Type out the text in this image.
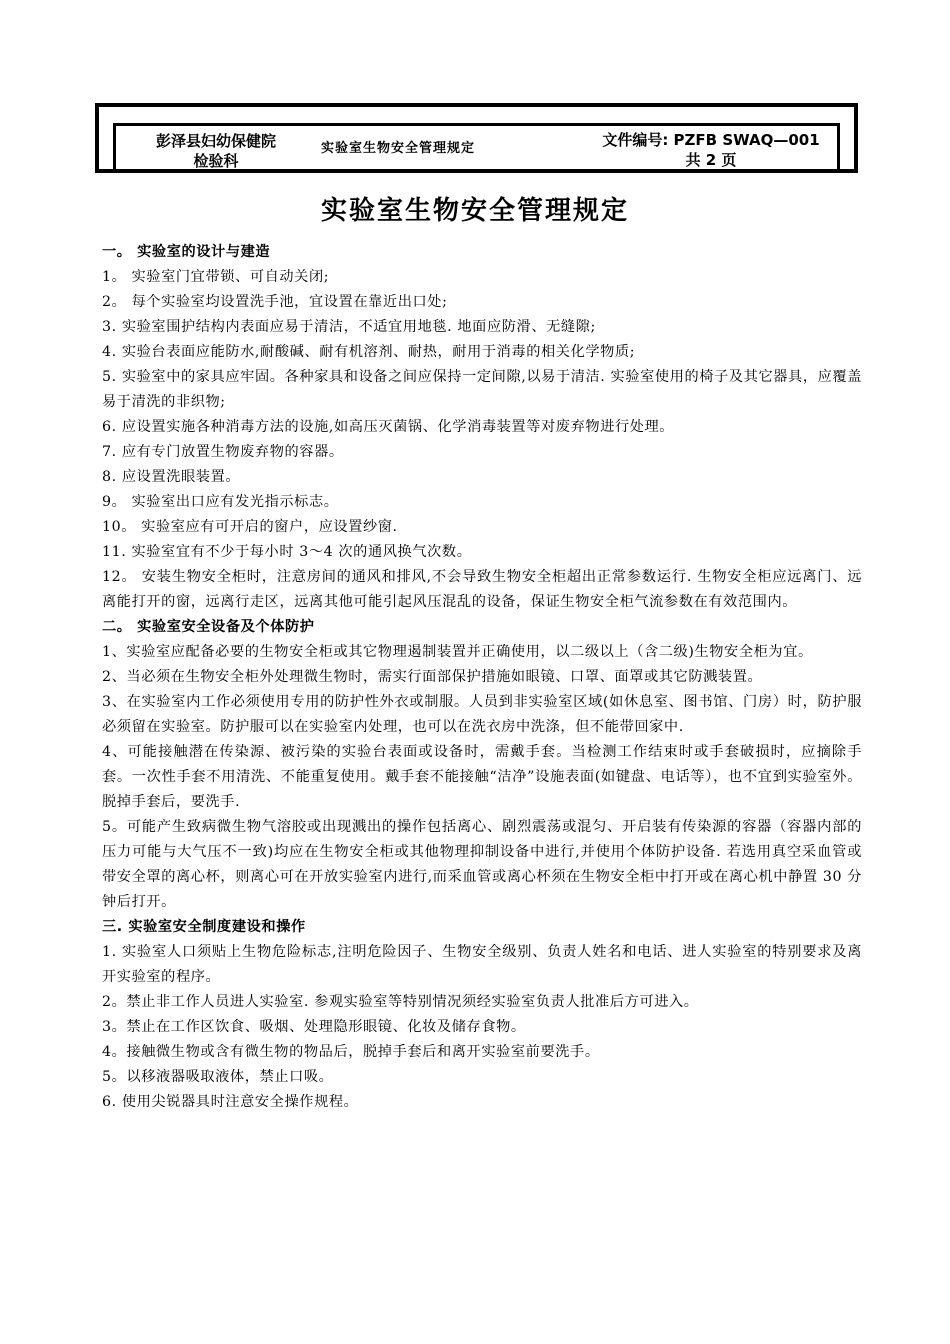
彭泽县妇幼保健院
检验科
实验室生物安全管理规定	文件编号: PZFB SWAQ—001
共 2 页
实验室生物安全管理规定

一。 实验室的设计与建造

1。 实验室门宜带锁、可自动关闭;

2。 每个实验室均设置洗手池，宜设置在靠近出口处;

3. 实验室围护结构内表面应易于清洁，不适宜用地毯. 地面应防滑、无缝隙;

4. 实验台表面应能防水,耐酸碱、耐有机溶剂、耐热，耐用于消毒的相关化学物质;

5. 实验室中的家具应牢固。各种家具和设备之间应保持一定间隙,以易于清洁. 实验室使用的椅子及其它器具，应覆盖易于清洗的非织物;

6. 应设置实施各种消毒方法的设施,如高压灭菌锅、化学消毒装置等对废弃物进行处理。

7. 应有专门放置生物废弃物的容器。

8. 应设置洗眼装置。

9。 实验室出口应有发光指示标志。

10。 实验室应有可开启的窗户，应设置纱窗.

11. 实验室宜有不少于每小时 3～4 次的通风换气次数。

12。 安装生物安全柜时，注意房间的通风和排风,不会导致生物安全柜超出正常参数运行. 生物安全柜应远离门、远离能打开的窗，远离行走区，远离其他可能引起风压混乱的设备，保证生物安全柜气流参数在有效范围内。

二。 实验室安全设备及个体防护

1、实验室应配备必要的生物安全柜或其它物理遏制装置并正确使用，以二级以上（含二级)生物安全柜为宜。

2、当必须在生物安全柜外处理微生物时，需实行面部保护措施如眼镜、口罩、面罩或其它防溅装置。

3、在实验室内工作必须使用专用的防护性外衣或制服。人员到非实验室区域(如休息室、图书馆、门房）时，防护服必须留在实验室。防护服可以在实验室内处理，也可以在洗衣房中洗涤，但不能带回家中.

4、可能接触潜在传染源、被污染的实验台表面或设备时，需戴手套。当检测工作结束时或手套破损时，应摘除手套。一次性手套不用清洗、不能重复使用。戴手套不能接触“洁净”设施表面(如键盘、电话等），也不宜到实验室外。脱掉手套后，要洗手.

5。可能产生致病微生物气溶胶或出现溅出的操作包括离心、剧烈震荡或混匀、开启装有传染源的容器（容器内部的压力可能与大气压不一致)均应在生物安全柜或其他物理抑制设备中进行,并使用个体防护设备. 若选用真空采血管或带安全罩的离心杯，则离心可在开放实验室内进行,而采血管或离心杯须在生物安全柜中打开或在离心机中静置 30 分钟后打开。

三. 实验室安全制度建设和操作

1. 实验室人口须贴上生物危险标志,注明危险因子、生物安全级别、负责人姓名和电话、进人实验室的特别要求及离开实验室的程序。

2。禁止非工作人员进人实验室. 参观实验室等特别情况须经实验室负责人批准后方可进入。

3。禁止在工作区饮食、吸烟、处理隐形眼镜、化妆及储存食物。

4。接触微生物或含有微生物的物品后，脱掉手套后和离开实验室前要洗手。

5。以移液器吸取液体，禁止口吸。

6. 使用尖锐器具时注意安全操作规程。
